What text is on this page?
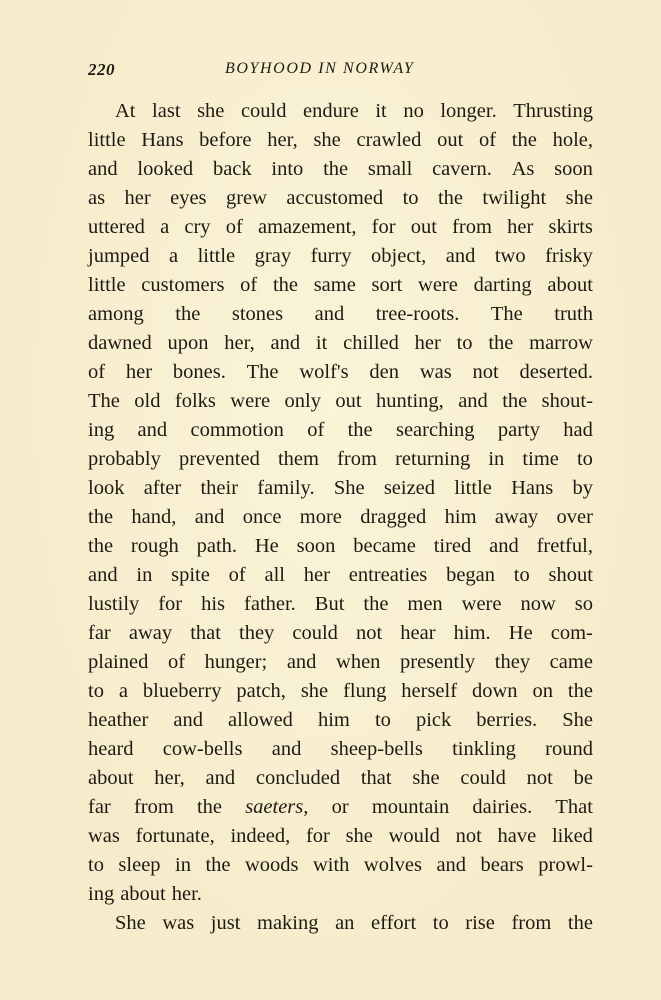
220	BOYHOOD IN NORWAY
At last she could endure it no longer. Thrusting
little Hans before her, she crawled out of the hole,
and looked back into the small cavern. As soon
as her eyes grew accustomed to the twilight she
uttered a cry of amazement, for out from her skirts
jumped a little gray furry object, and two frisky
little customers of the same sort were darting about
among the stones and tree-roots. The truth
dawned upon her, and it chilled her to the marrow
of her bones. The wolf's den was not deserted.
The old folks were only out hunting, and the shout-
ing and commotion of the searching party had
probably prevented them from returning in time to
look after their family. She seized little Hans by
the hand, and once more dragged him away over
the rough path. He soon became tired and fretful,
and in spite of all her entreaties began to shout
lustily for his father. But the men were now so
far away that they could not hear him. He com-
plained of hunger; and when presently they came
to a blueberry patch, she flung herself down on the
heather and allowed him to pick berries. She
heard cow-bells and sheep-bells tinkling round
about her, and concluded that she could not be
far from the saeters, or mountain dairies. That
was fortunate, indeed, for she would not have liked
to sleep in the woods with wolves and bears prowl-
ing about her.
She was just making an effort to rise from the
